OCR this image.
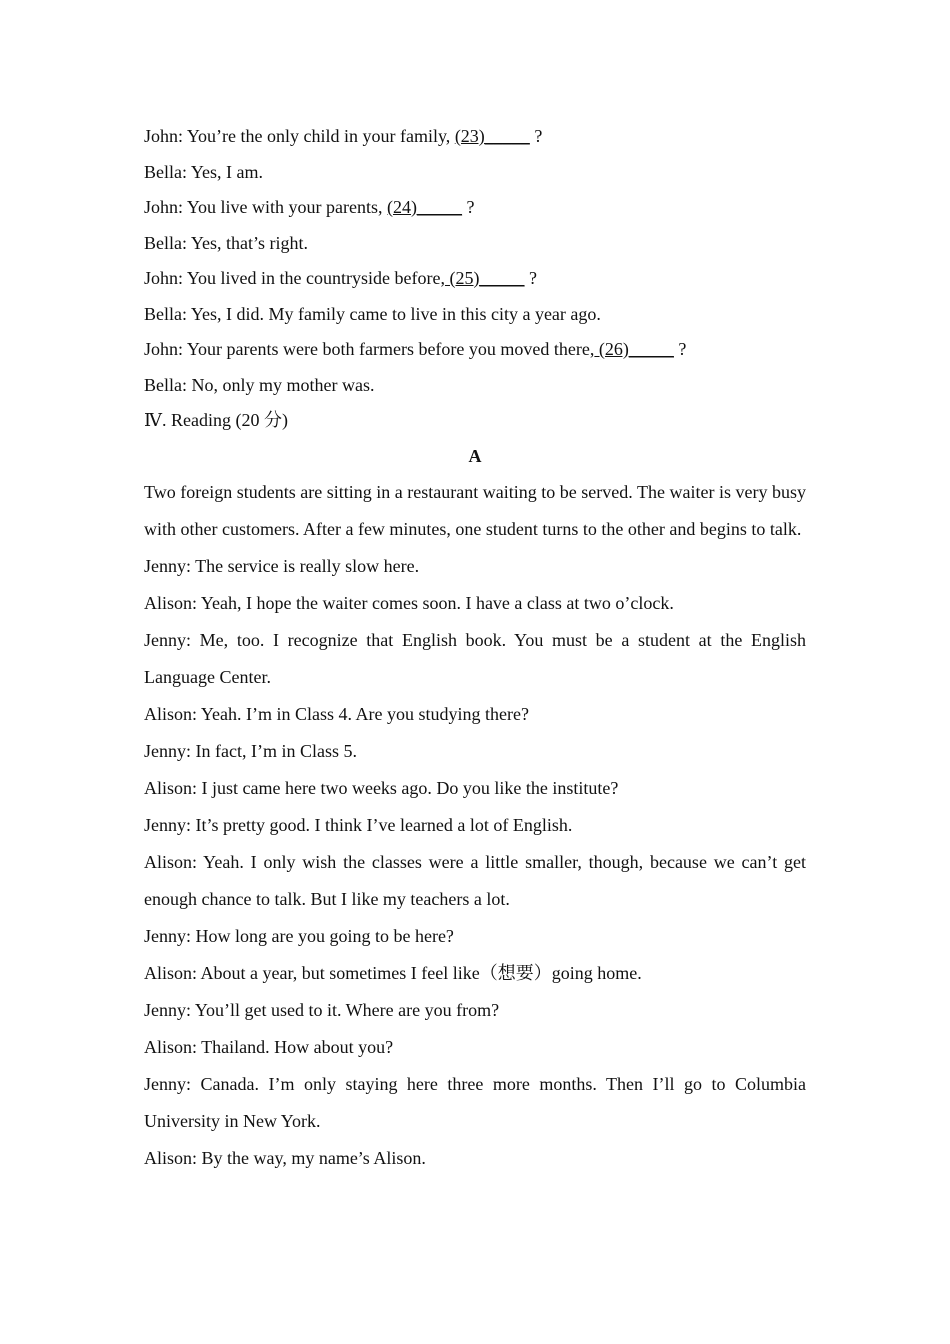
John: You’re the only child in your family, (23)_____ ?

Bella: Yes, I am.

John: You live with your parents, (24)_____ ?

Bella: Yes, that’s right.

John: You lived in the countryside before, (25)_____ ?

Bella: Yes, I did. My family came to live in this city a year ago.

John: Your parents were both farmers before you moved there, (26)_____ ?

Bella: No, only my mother was.

Ⅳ. Reading (20 分)

A

Two foreign students are sitting in a restaurant waiting to be served. The waiter is very busy with other customers. After a few minutes, one student turns to the other and begins to talk.

Jenny: The service is really slow here.

Alison: Yeah, I hope the waiter comes soon. I have a class at two o’clock.

Jenny: Me, too. I recognize that English book. You must be a student at the English Language Center.

Alison: Yeah. I’m in Class 4. Are you studying there?

Jenny: In fact, I’m in Class 5.

Alison: I just came here two weeks ago. Do you like the institute?

Jenny: It’s pretty good. I think I’ve learned a lot of English.

Alison: Yeah. I only wish the classes were a little smaller, though, because we can’t get enough chance to talk. But I like my teachers a lot.

Jenny: How long are you going to be here?

Alison: About a year, but sometimes I feel like（想要）going home.

Jenny: You’ll get used to it. Where are you from?

Alison: Thailand. How about you?

Jenny: Canada. I’m only staying here three more months. Then I’ll go to Columbia University in New York.

Alison: By the way, my name’s Alison.
